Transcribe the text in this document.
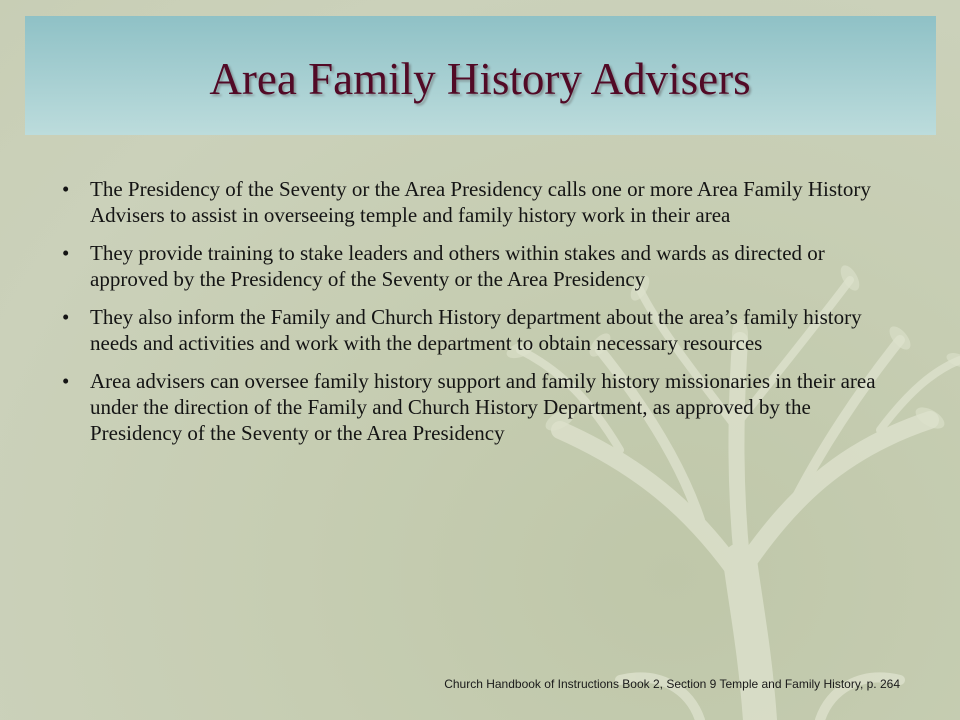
Area Family History Advisers
• The Presidency of the Seventy or the Area Presidency calls one or more Area Family History Advisers to assist in overseeing temple and family history work in their area
• They provide training to stake leaders and others within stakes and wards as directed or approved by the Presidency of the Seventy or the Area Presidency
• They also inform the Family and Church History department about the area’s family history needs and activities and work with the department to obtain necessary resources
• Area advisers can oversee family history support and family history missionaries in their area under the direction of the Family and Church History Department, as approved by the Presidency of the Seventy or the Area Presidency
Church Handbook of Instructions Book 2, Section 9 Temple and Family History, p. 264
